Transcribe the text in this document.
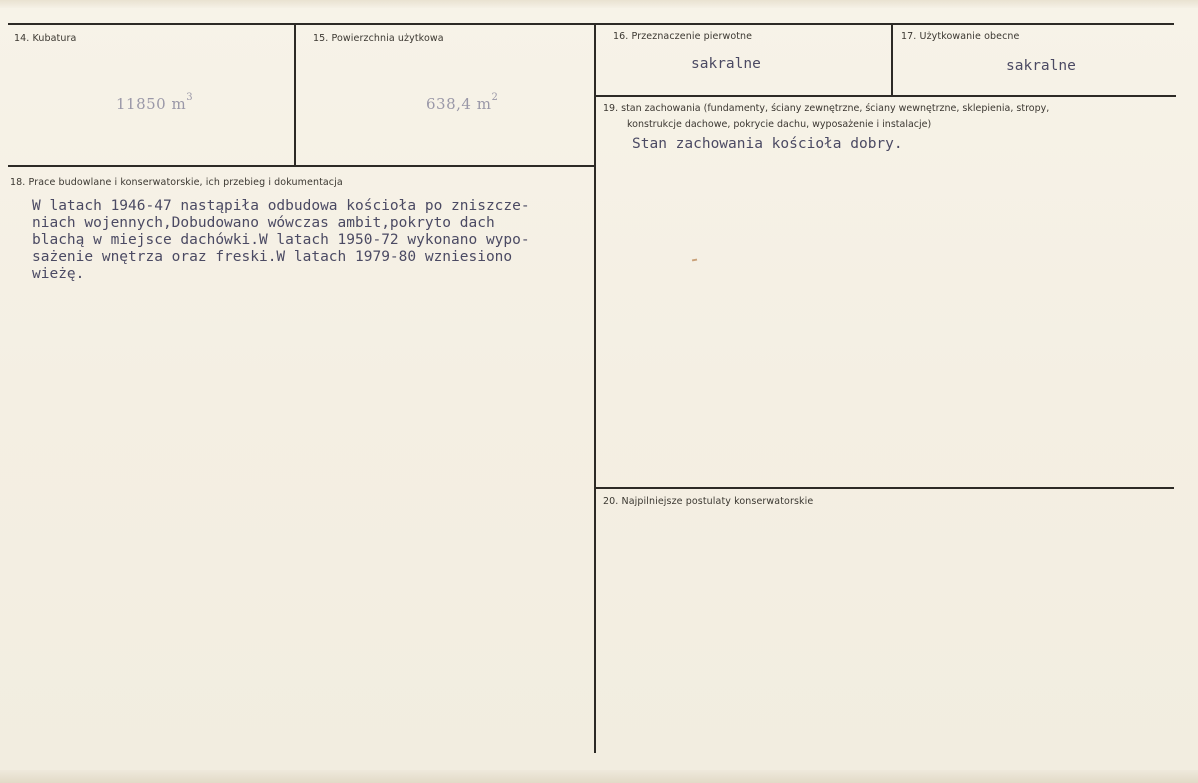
14. Kubatura
11850 $m^3$
15. Powierzchnia użytkowa
638,4 $m^2$
16. Przeznaczenie pierwotne
sakralne
17. Użytkowanie obecne
sakralne
18. Prace budowlane i konserwatorskie, ich przebieg i dokumentacja
W latach 1946-47 nastąpiła odbudowa kościoła po zniszcze-
niach wojennych,Dobudowano wówczas ambit,pokryto dach
blachą w miejsce dachówki.W latach 1950-72 wykonano wypo-
sażenie wnętrza oraz freski.W latach 1979-80 wzniesiono
wieżę.
19. stan zachowania (fundamenty, ściany zewnętrzne, ściany wewnętrzne, sklepienia, stropy,
konstrukcje dachowe, pokrycie dachu, wyposażenie i instalacje)
Stan zachowania kościoła dobry.
20. Najpilniejsze postulaty konserwatorskie
